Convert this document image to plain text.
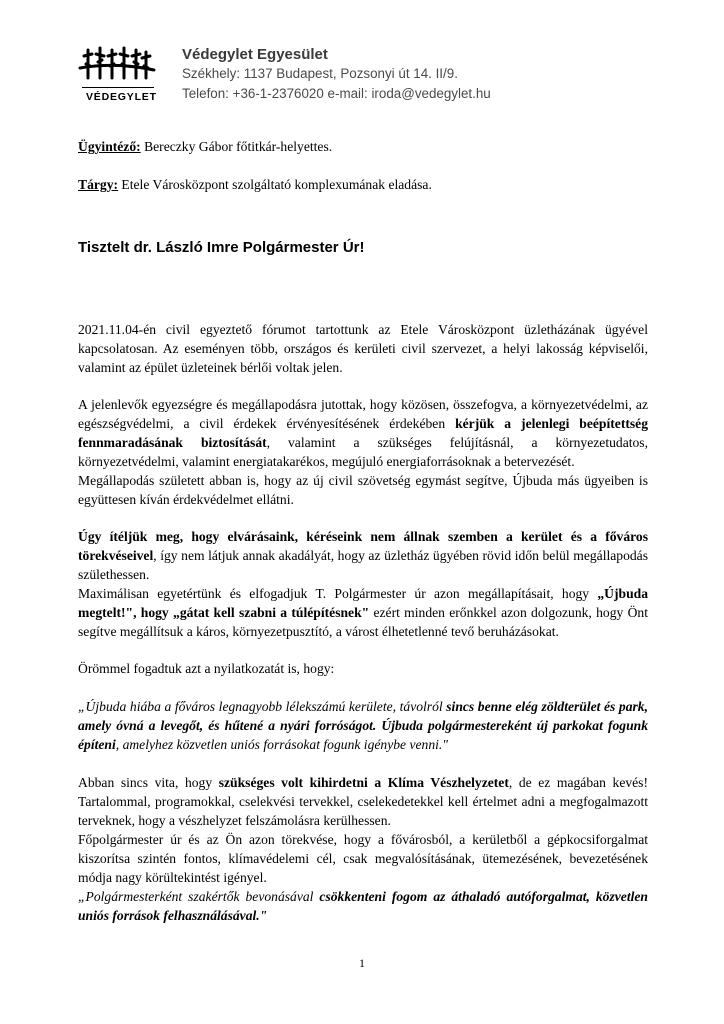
VÉDEGYLET
Védegylet Egyesület
Székhely: 1137 Budapest, Pozsonyi út 14. II/9.
Telefon: +36-1-2376020 e-mail: iroda@vedegylet.hu

Ügyintéző: Bereczky Gábor főtitkár-helyettes.

Tárgy: Etele Városközpont szolgáltató komplexumának eladása.

Tisztelt dr. László Imre Polgármester Úr!

2021.11.04-én civil egyeztető fórumot tartottunk az Etele Városközpont üzletházának ügyével kapcsolatosan. Az eseményen több, országos és kerületi civil szervezet, a helyi lakosság képviselői, valamint az épület üzleteinek bérlői voltak jelen.

A jelenlevők egyezségre és megállapodásra jutottak, hogy közösen, összefogva, a környezetvédelmi, az egészségvédelmi, a civil érdekek érvényesítésének érdekében kérjük a jelenlegi beépítettség fennmaradásának biztosítását, valamint a szükséges felújításnál, a környezetudatos, környezetvédelmi, valamint energiatakarékos, megújuló energiaforrásoknak a betervezését.
Megállapodás született abban is, hogy az új civil szövetség egymást segítve, Újbuda más ügyeiben is együttesen kíván érdekvédelmet ellátni.

Úgy ítéljük meg, hogy elvárásaink, kéréseink nem állnak szemben a kerület és a főváros törekvéseivel, így nem látjuk annak akadályát, hogy az üzletház ügyében rövid időn belül megállapodás születhessen.
Maximálisan egyetértünk és elfogadjuk T. Polgármester úr azon megállapításait, hogy „Újbuda megtelt!", hogy „gátat kell szabni a túlépítésnek" ezért minden erőnkkel azon dolgozunk, hogy Önt segítve megállítsuk a káros, környezetpusztító, a várost élhetetlenné tevő beruházásokat.

Örömmel fogadtuk azt a nyilatkozatát is, hogy:

„Újbuda hiába a főváros legnagyobb lélekszámú kerülete, távolról sincs benne elég zöldterület és park, amely óvná a levegőt, és hűtené a nyári forróságot. Újbuda polgármestereként új parkokat fogunk építeni, amelyhez közvetlen uniós forrásokat fogunk igénybe venni."

Abban sincs vita, hogy szükséges volt kihirdetni a Klíma Vészhelyzetet, de ez magában kevés! Tartalommal, programokkal, cselekvési tervekkel, cselekedetekkel kell értelmet adni a megfogalmazott terveknek, hogy a vészhelyzet felszámolásra kerülhessen.

Főpolgármester úr és az Ön azon törekvése, hogy a fővárosból, a kerületből a gépkocsiforgalmat kiszorítsa szintén fontos, klímavédelemi cél, csak megvalósításának, ütemezésének, bevezetésének módja nagy körültekintést igényel.
„Polgármesterként szakértők bevonásával csökkenteni fogom az áthaladó autóforgalmat, közvetlen uniós források felhasználásával."

1
